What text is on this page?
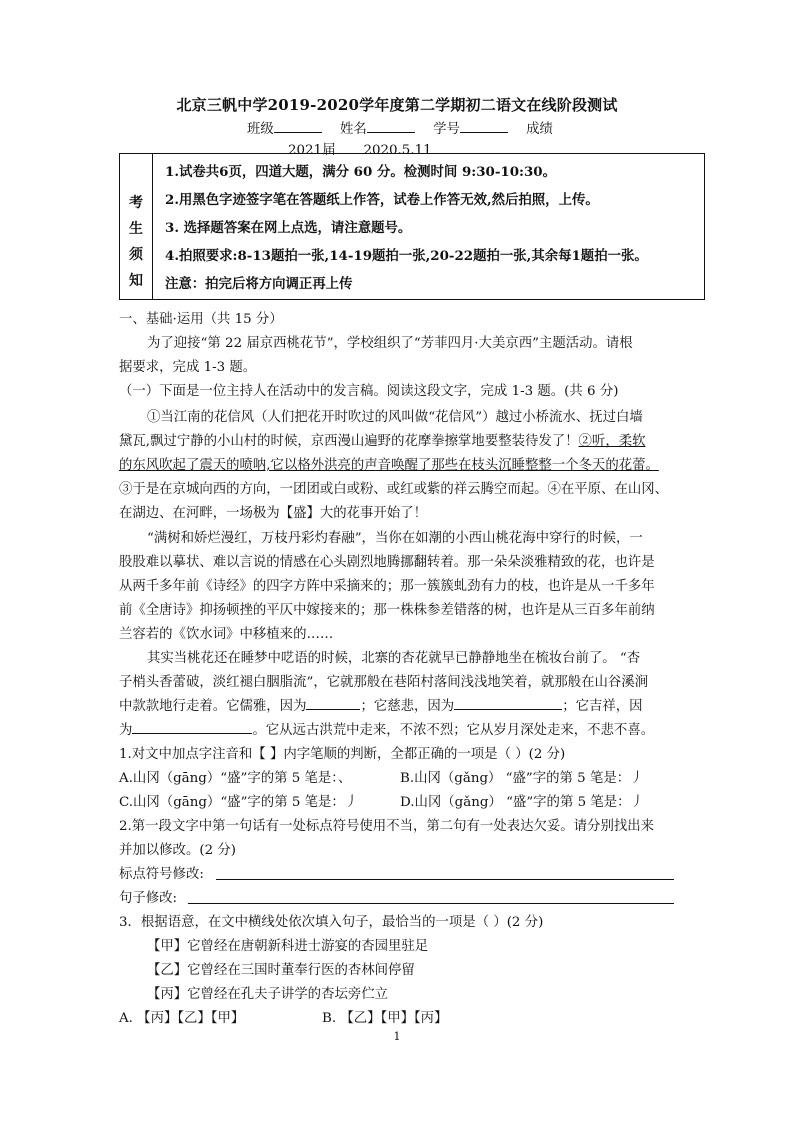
北京三帆中学2019-2020学年度第二学期初二语文在线阶段测试
班级	姓名	学号	成绩
2021届 2020.5.11
考
生
须
知
1.试卷共6页，四道大题，满分 60 分。检测时间 9:30-10:30。
2.用黑色字迹签字笔在答题纸上作答，试卷上作答无效,然后拍照，上传。
3. 选择题答案在网上点选，请注意题号。
4.拍照要求:8-13题拍一张,14-19题拍一张,20-22题拍一张,其余每1题拍一张。
注意：拍完后将方向调正再上传
一、基础·运用（共 15 分）
为了迎接“第 22 届京西桃花节”，学校组织了“芳菲四月·大美京西”主题活动。请根
据要求，完成 1-3 题。
（一）下面是一位主持人在活动中的发言稿。阅读这段文字，完成 1-3 题。(共 6 分)
①当江南的花信风（人们把花开时吹过的风叫做“花信风”）越过小桥流水、抚过白墙
黛瓦,飘过宁静的小山村的时候，京西漫山遍野的花摩拳擦掌地要整装待发了！②听，柔软
的东风吹起了震天的喷呐,它以格外洪亮的声音唤醒了那些在枝头沉睡整整一个冬天的花蕾。
③于是在京城向西的方向，一团团或白或粉、或红或紫的祥云腾空而起。④在平原、在山冈、
在湖边、在河畔，一场极为【盛】大的花事开始了！
“满树和娇烂漫红，万枝丹彩灼春融”，当你在如潮的小西山桃花海中穿行的时候，一
股股难以摹状、难以言说的情感在心头剧烈地腾挪翻转着。那一朵朵淡雅精致的花，也许是
从两千多年前《诗经》的四字方阵中采摘来的；那一簇簇虬劲有力的枝，也许是从一千多年
前《全唐诗》抑扬顿挫的平仄中嫁接来的；那一株株参差错落的树，也许是从三百多年前纳
兰容若的《饮水词》中移植来的……
其实当桃花还在睡梦中呓语的时候，北寨的杏花就早已静静地坐在梳妆台前了。 “杏
子梢头香蕾破，淡红褪白胭脂流”，它就那般在巷陌村落间浅浅地笑着，就那般在山谷溪涧
中款款地行走着。它儒雅，因为	；它慈悲，因为	；它吉祥，因
为	。它从远古洪荒中走来，不浓不烈；它从岁月深处走来，不悲不喜。
1.对文中加点字注音和【 】内字笔顺的判断，全都正确的一项是（ ）(2 分)
A.山冈（gāng）“盛”字的第 5 笔是：、	B.山冈（gǎng） “盛”字的第 5 笔是：丿
C.山冈（gāng）“盛”字的第 5 笔是：丿	D.山冈（gǎng） “盛”字的第 5 笔是：丿
2.第一段文字中第一句话有一处标点符号使用不当，第二句有一处表达欠妥。请分别找出来
并加以修改。(2 分)
标点符号修改:
句子修改:
3．根据语意，在文中横线处依次填入句子，最恰当的一项是（ ）(2 分)
【甲】它曾经在唐朝新科进士游宴的杏园里驻足
【乙】它曾经在三国时董奉行医的杏林间停留
【丙】它曾经在孔夫子讲学的杏坛旁伫立
A. 【丙】【乙】【甲】	B. 【乙】【甲】【丙】
1
